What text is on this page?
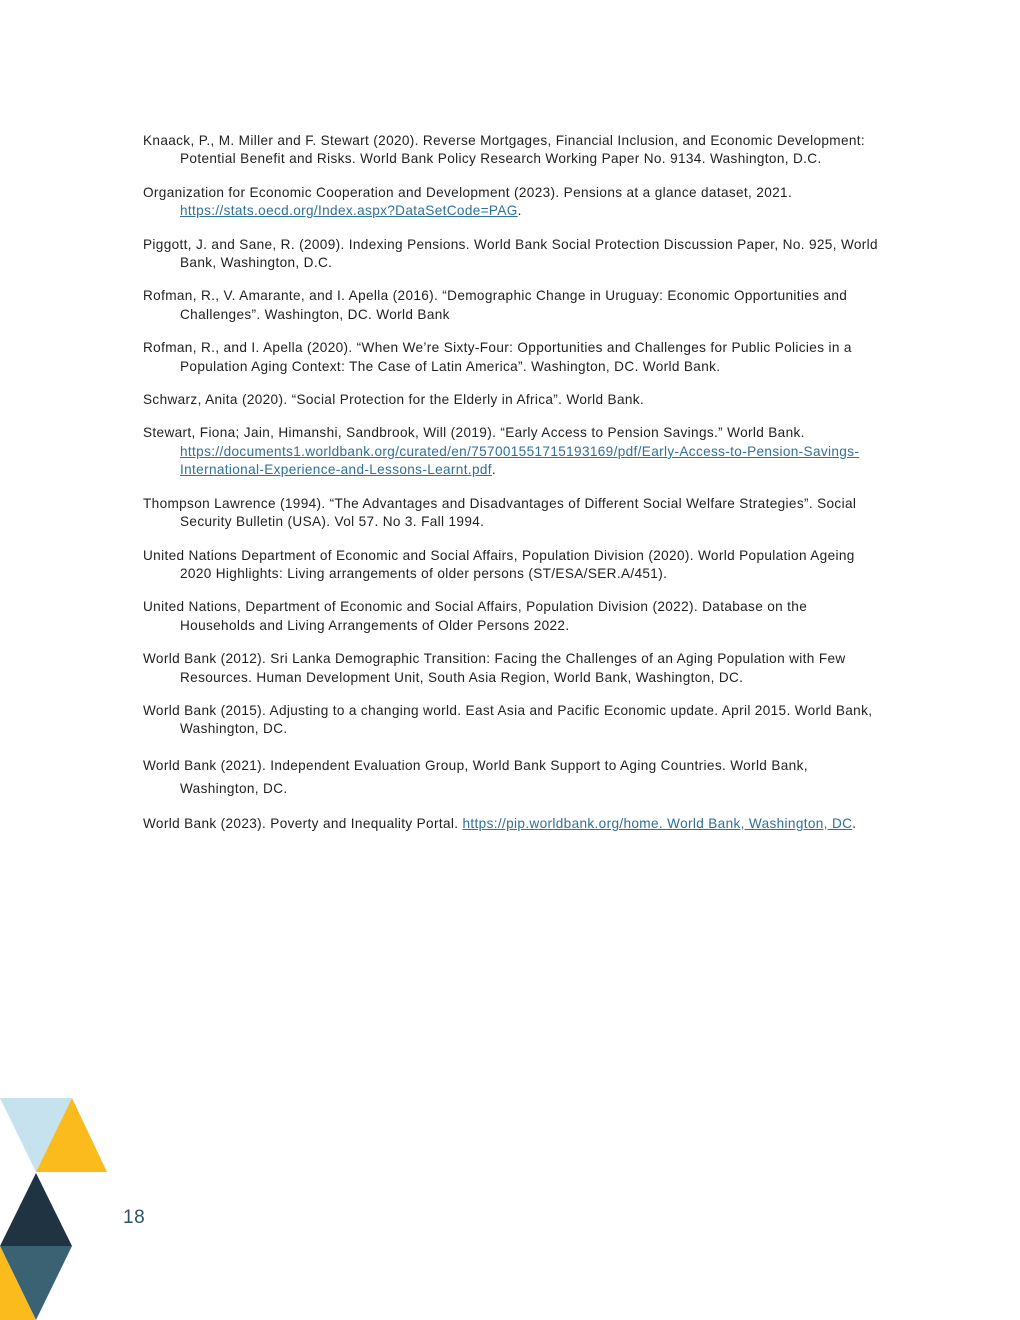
Knaack, P., M. Miller and F. Stewart (2020). Reverse Mortgages, Financial Inclusion, and Economic Development: Potential Benefit and Risks. World Bank Policy Research Working Paper No. 9134. Washington, D.C.
Organization for Economic Cooperation and Development (2023). Pensions at a glance dataset, 2021. https://stats.oecd.org/Index.aspx?DataSetCode=PAG.
Piggott, J. and Sane, R. (2009). Indexing Pensions. World Bank Social Protection Discussion Paper, No. 925, World Bank, Washington, D.C.
Rofman, R., V. Amarante, and I. Apella (2016). “Demographic Change in Uruguay: Economic Opportunities and Challenges”. Washington, DC. World Bank
Rofman, R., and I. Apella (2020). “When We’re Sixty-Four: Opportunities and Challenges for Public Policies in a Population Aging Context: The Case of Latin America”. Washington, DC. World Bank.
Schwarz, Anita (2020). “Social Protection for the Elderly in Africa”. World Bank.
Stewart, Fiona; Jain, Himanshi, Sandbrook, Will (2019). “Early Access to Pension Savings.” World Bank. https://documents1.worldbank.org/curated/en/757001551715193169/pdf/Early-Access-to-Pension-Savings-International-Experience-and-Lessons-Learnt.pdf.
Thompson Lawrence (1994). “The Advantages and Disadvantages of Different Social Welfare Strategies”. Social Security Bulletin (USA). Vol 57. No 3. Fall 1994.
United Nations Department of Economic and Social Affairs, Population Division (2020). World Population Ageing 2020 Highlights: Living arrangements of older persons (ST/ESA/SER.A/451).
United Nations, Department of Economic and Social Affairs, Population Division (2022). Database on the Households and Living Arrangements of Older Persons 2022.
World Bank (2012). Sri Lanka Demographic Transition: Facing the Challenges of an Aging Population with Few Resources. Human Development Unit, South Asia Region, World Bank, Washington, DC.
World Bank (2015). Adjusting to a changing world. East Asia and Pacific Economic update. April 2015. World Bank, Washington, DC.
World Bank (2021). Independent Evaluation Group, World Bank Support to Aging Countries. World Bank, Washington, DC.
World Bank (2023). Poverty and Inequality Portal. https://pip.worldbank.org/home. World Bank, Washington, DC.
18
